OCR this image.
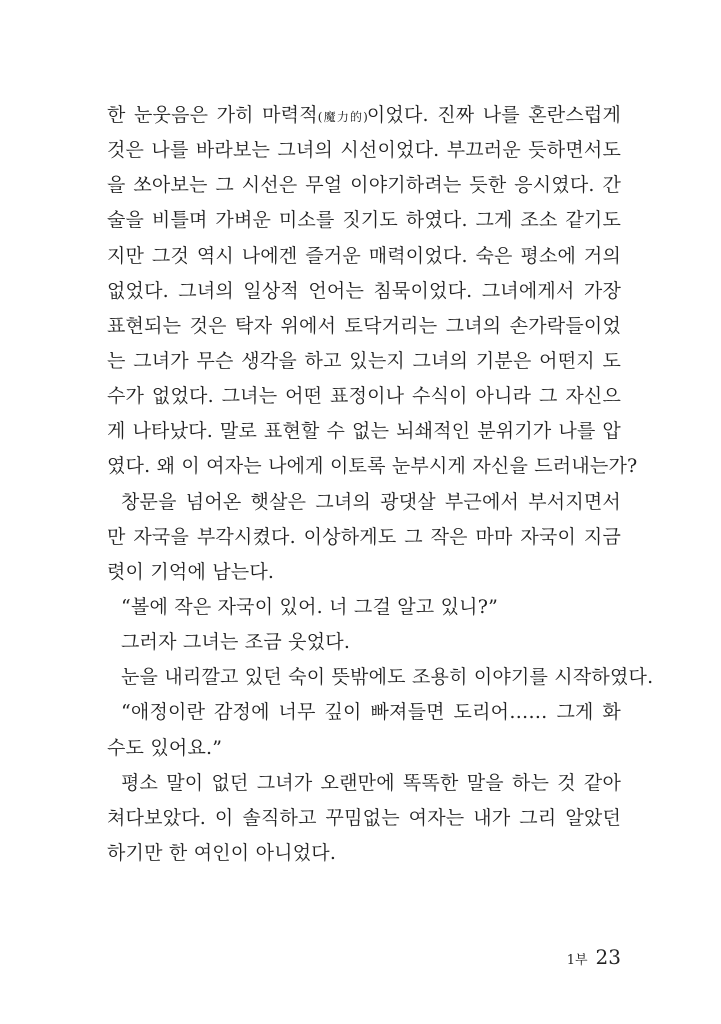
한 눈웃음은 가히 마력적(魔力的)이었다. 진짜 나를 혼란스럽게
것은 나를 바라보는 그녀의 시선이었다. 부끄러운 듯하면서도
을 쏘아보는 그 시선은 무얼 이야기하려는 듯한 응시였다. 간
술을 비틀며 가벼운 미소를 짓기도 하였다. 그게 조소 같기도
지만 그것 역시 나에겐 즐거운 매력이었다. 숙은 평소에 거의
없었다. 그녀의 일상적 언어는 침묵이었다. 그녀에게서 가장
표현되는 것은 탁자 위에서 토닥거리는 그녀의 손가락들이었
는 그녀가 무슨 생각을 하고 있는지 그녀의 기분은 어떤지 도
수가 없었다. 그녀는 어떤 표정이나 수식이 아니라 그 자신으
게 나타났다. 말로 표현할 수 없는 뇌쇄적인 분위기가 나를 압
였다. 왜 이 여자는 나에게 이토록 눈부시게 자신을 드러내는가?
창문을 넘어온 햇살은 그녀의 광댓살 부근에서 부서지면서
만 자국을 부각시켰다. 이상하게도 그 작은 마마 자국이 지금
렷이 기억에 남는다.
“볼에 작은 자국이 있어. 너 그걸 알고 있니?”
그러자 그녀는 조금 웃었다.
눈을 내리깔고 있던 숙이 뜻밖에도 조용히 이야기를 시작하였다.
“애정이란 감정에 너무 깊이 빠져들면 도리어…… 그게 화
수도 있어요.”
평소 말이 없던 그녀가 오랜만에 똑똑한 말을 하는 것 같아
쳐다보았다. 이 솔직하고 꾸밈없는 여자는 내가 그리 알았던
하기만 한 여인이 아니었다.
1부 23
